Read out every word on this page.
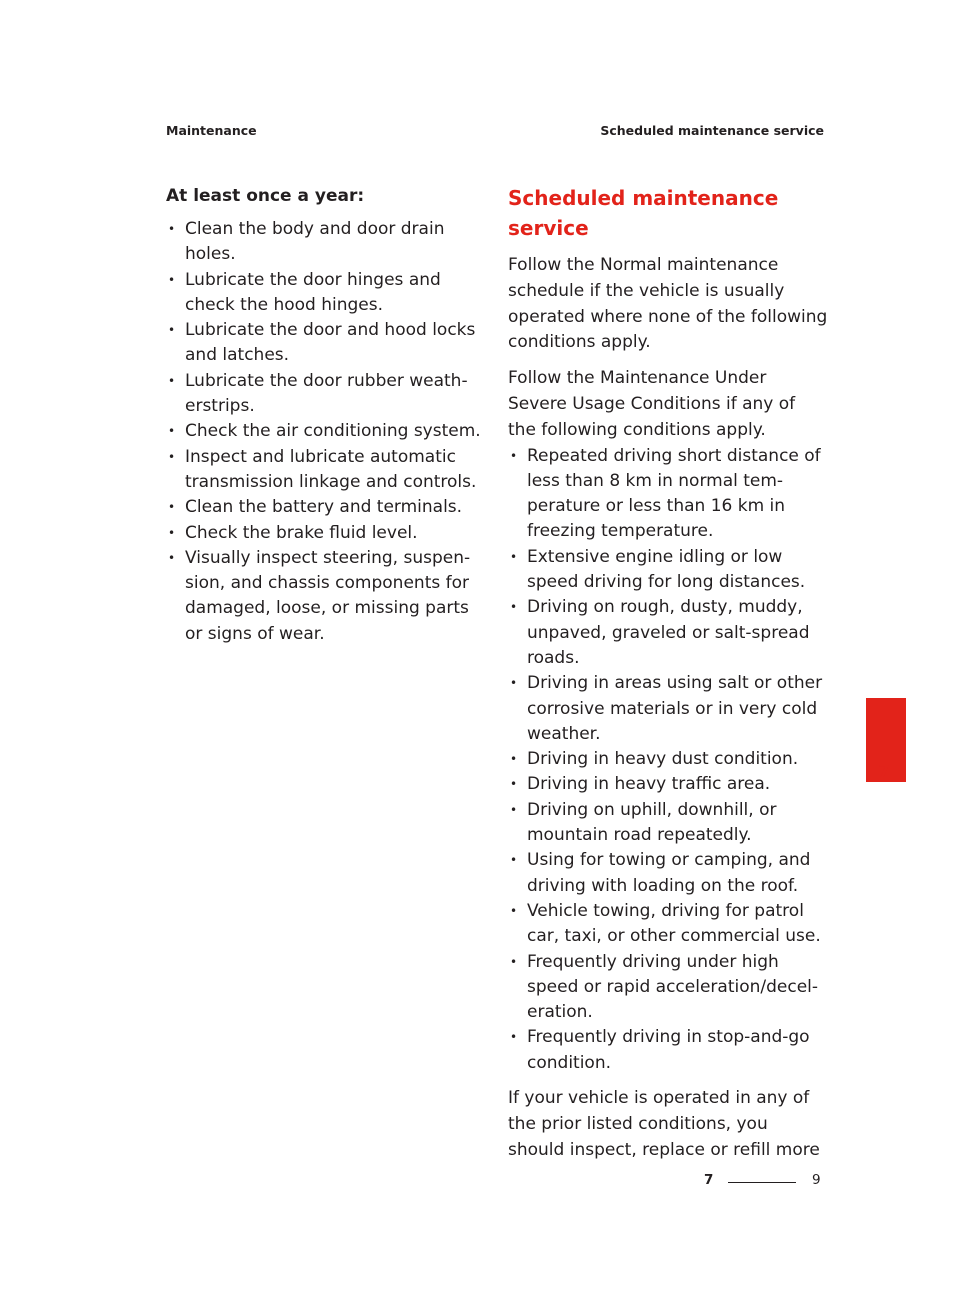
Maintenance	Scheduled maintenance service
At least once a year:
• Clean the body and door drain holes.
• Lubricate the door hinges and check the hood hinges.
• Lubricate the door and hood locks and latches.
• Lubricate the door rubber weatherstrips.
• Check the air conditioning system.
• Inspect and lubricate automatic transmission linkage and controls.
• Clean the battery and terminals.
• Check the brake fluid level.
• Visually inspect steering, suspension, and chassis components for damaged, loose, or missing parts or signs of wear.
Scheduled maintenance service

Follow the Normal maintenance schedule if the vehicle is usually operated where none of the following conditions apply.

Follow the Maintenance Under Severe Usage Conditions if any of the following conditions apply.

• Repeated driving short distance of less than 8 km in normal temperature or less than 16 km in freezing temperature.
• Extensive engine idling or low speed driving for long distances.
• Driving on rough, dusty, muddy, unpaved, graveled or salt-spread roads.
• Driving in areas using salt or other corrosive materials or in very cold weather.
• Driving in heavy dust condition.
• Driving in heavy traffic area.
• Driving on uphill, downhill, or mountain road repeatedly.
• Using for towing or camping, and driving with loading on the roof.
• Vehicle towing, driving for patrol car, taxi, or other commercial use.
• Frequently driving under high speed or rapid acceleration/deceleration.
• Frequently driving in stop-and-go condition.

If your vehicle is operated in any of the prior listed conditions, you should inspect, replace or refill more

7
7	9
